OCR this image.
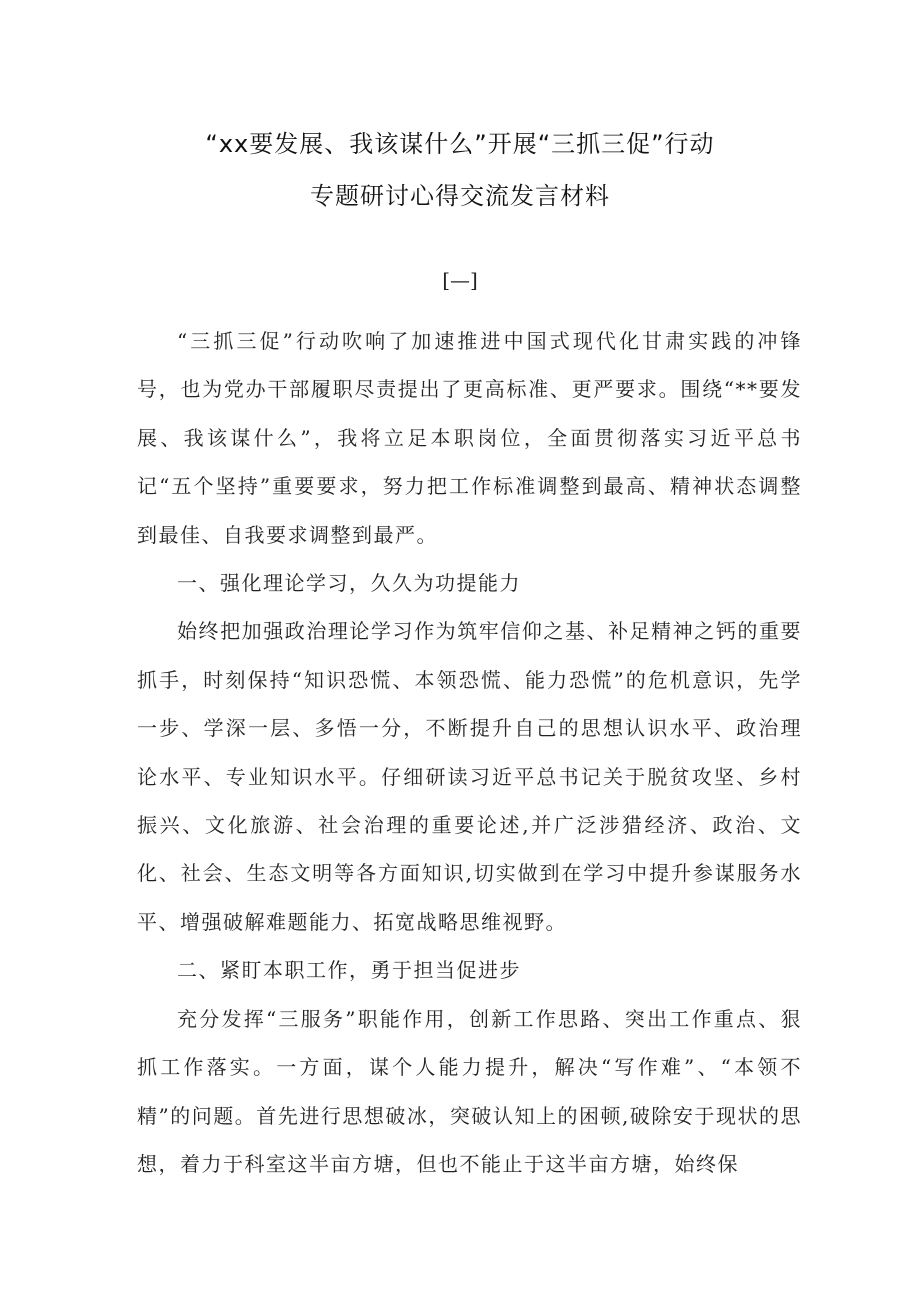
“xx要发展、我该谋什么”开展“三抓三促”行动
专题研讨心得交流发言材料
[—]

“三抓三促”行动吹响了加速推进中国式现代化甘肃实践的冲锋号，也为党办干部履职尽责提出了更高标准、更严要求。围绕“**要发展、我该谋什么”，我将立足本职岗位，全面贯彻落实习近平总书记“五个坚持”重要要求，努力把工作标准调整到最高、精神状态调整到最佳、自我要求调整到最严。

一、强化理论学习，久久为功提能力

始终把加强政治理论学习作为筑牢信仰之基、补足精神之钙的重要抓手，时刻保持“知识恐慌、本领恐慌、能力恐慌”的危机意识，先学一步、学深一层、多悟一分，不断提升自己的思想认识水平、政治理论水平、专业知识水平。仔细研读习近平总书记关于脱贫攻坚、乡村振兴、文化旅游、社会治理的重要论述,并广泛涉猎经济、政治、文化、社会、生态文明等各方面知识,切实做到在学习中提升参谋服务水平、增强破解难题能力、拓宽战略思维视野。

二、紧盯本职工作，勇于担当促进步

充分发挥“三服务”职能作用，创新工作思路、突出工作重点、狠抓工作落实。一方面，谋个人能力提升，解决“写作难”、“本领不精”的问题。首先进行思想破冰，突破认知上的困顿,破除安于现状的思想，着力于科室这半亩方塘，但也不能止于这半亩方塘，始终保
